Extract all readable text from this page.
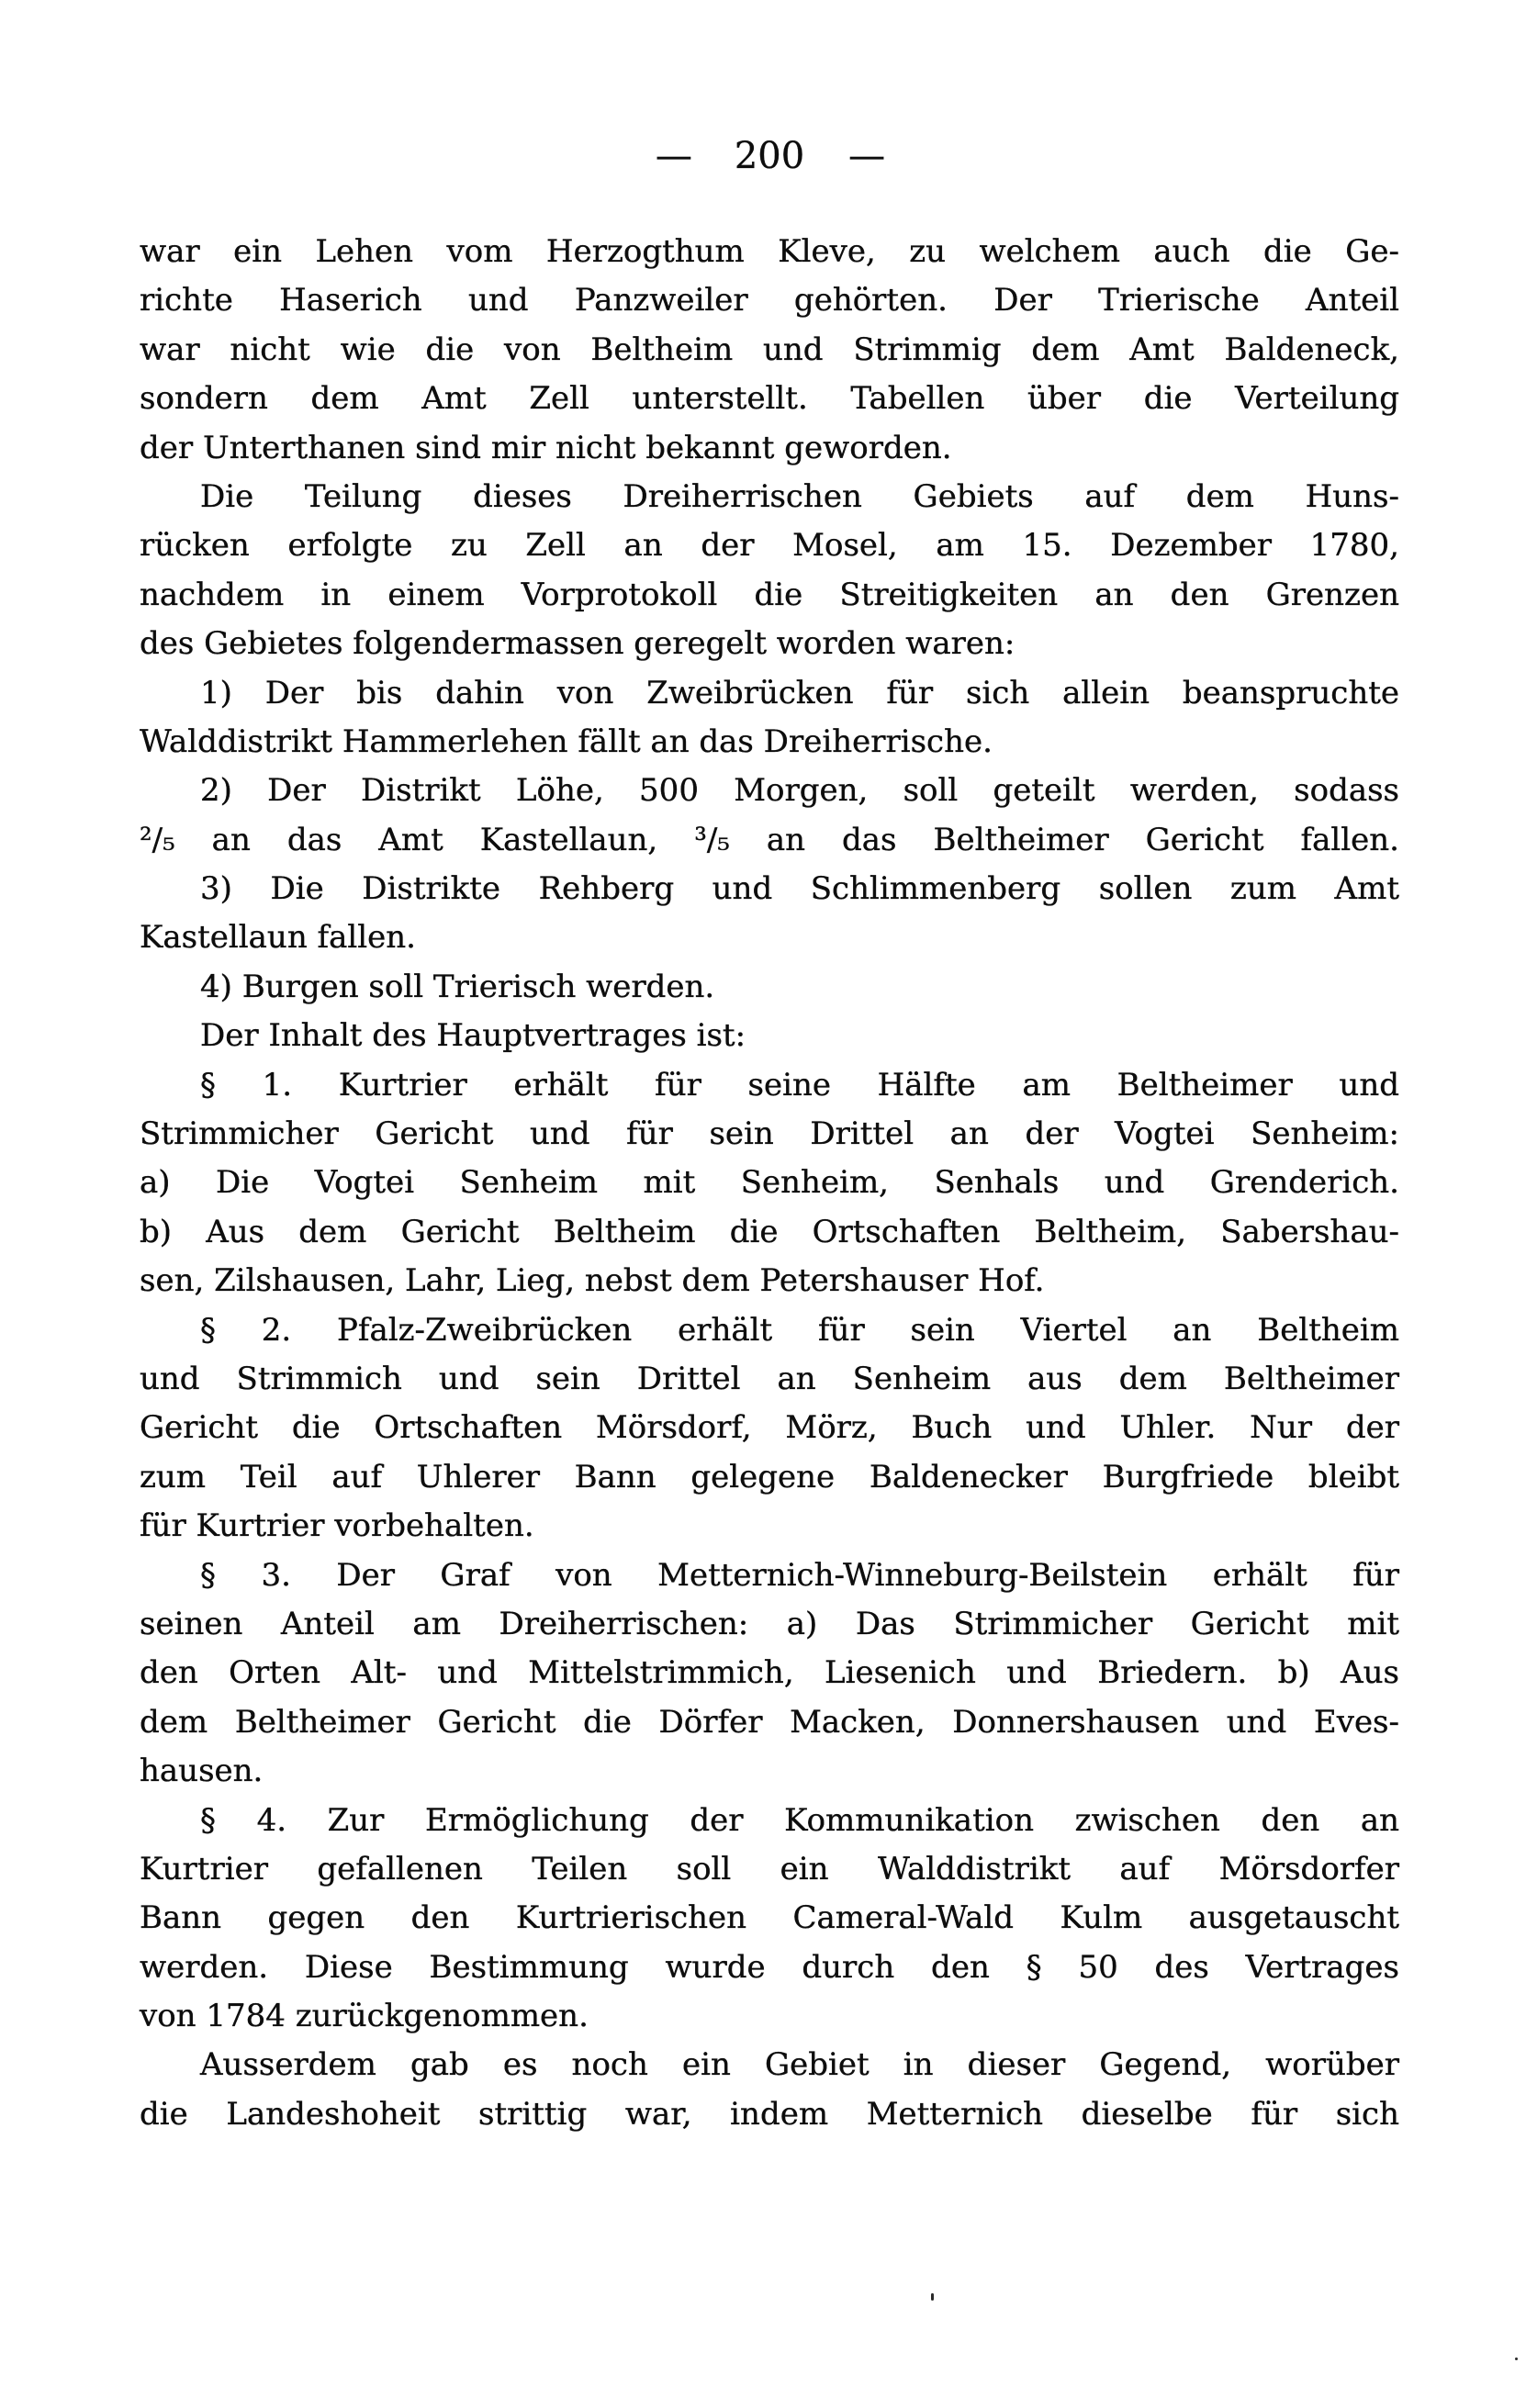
— 200 —
war ein Lehen vom Herzogthum Kleve, zu welchem auch die Ge-
richte Haserich und Panzweiler gehörten. Der Trierische Anteil
war nicht wie die von Beltheim und Strimmig dem Amt Baldeneck,
sondern dem Amt Zell unterstellt. Tabellen über die Verteilung
der Unterthanen sind mir nicht bekannt geworden.
Die Teilung dieses Dreiherrischen Gebiets auf dem Huns-
rücken erfolgte zu Zell an der Mosel, am 15. Dezember 1780,
nachdem in einem Vorprotokoll die Streitigkeiten an den Grenzen
des Gebietes folgendermassen geregelt worden waren:
1) Der bis dahin von Zweibrücken für sich allein beanspruchte
Walddistrikt Hammerlehen fällt an das Dreiherrische.
2) Der Distrikt Löhe, 500 Morgen, soll geteilt werden, sodass
²/₅ an das Amt Kastellaun, ³/₅ an das Beltheimer Gericht fallen.
3) Die Distrikte Rehberg und Schlimmenberg sollen zum Amt
Kastellaun fallen.
4) Burgen soll Trierisch werden.
Der Inhalt des Hauptvertrages ist:
§ 1. Kurtrier erhält für seine Hälfte am Beltheimer und
Strimmicher Gericht und für sein Drittel an der Vogtei Senheim:
a) Die Vogtei Senheim mit Senheim, Senhals und Grenderich.
b) Aus dem Gericht Beltheim die Ortschaften Beltheim, Sabershau-
sen, Zilshausen, Lahr, Lieg, nebst dem Petershauser Hof.
§ 2. Pfalz-Zweibrücken erhält für sein Viertel an Beltheim
und Strimmich und sein Drittel an Senheim aus dem Beltheimer
Gericht die Ortschaften Mörsdorf, Mörz, Buch und Uhler. Nur der
zum Teil auf Uhlerer Bann gelegene Baldenecker Burgfriede bleibt
für Kurtrier vorbehalten.
§ 3. Der Graf von Metternich-Winneburg-Beilstein erhält für
seinen Anteil am Dreiherrischen: a) Das Strimmicher Gericht mit
den Orten Alt- und Mittelstrimmich, Liesenich und Briedern. b) Aus
dem Beltheimer Gericht die Dörfer Macken, Donnershausen und Eves-
hausen.
§ 4. Zur Ermöglichung der Kommunikation zwischen den an
Kurtrier gefallenen Teilen soll ein Walddistrikt auf Mörsdorfer
Bann gegen den Kurtrierischen Cameral-Wald Kulm ausgetauscht
werden. Diese Bestimmung wurde durch den § 50 des Vertrages
von 1784 zurückgenommen.
Ausserdem gab es noch ein Gebiet in dieser Gegend, worüber
die Landeshoheit strittig war, indem Metternich dieselbe für sich
